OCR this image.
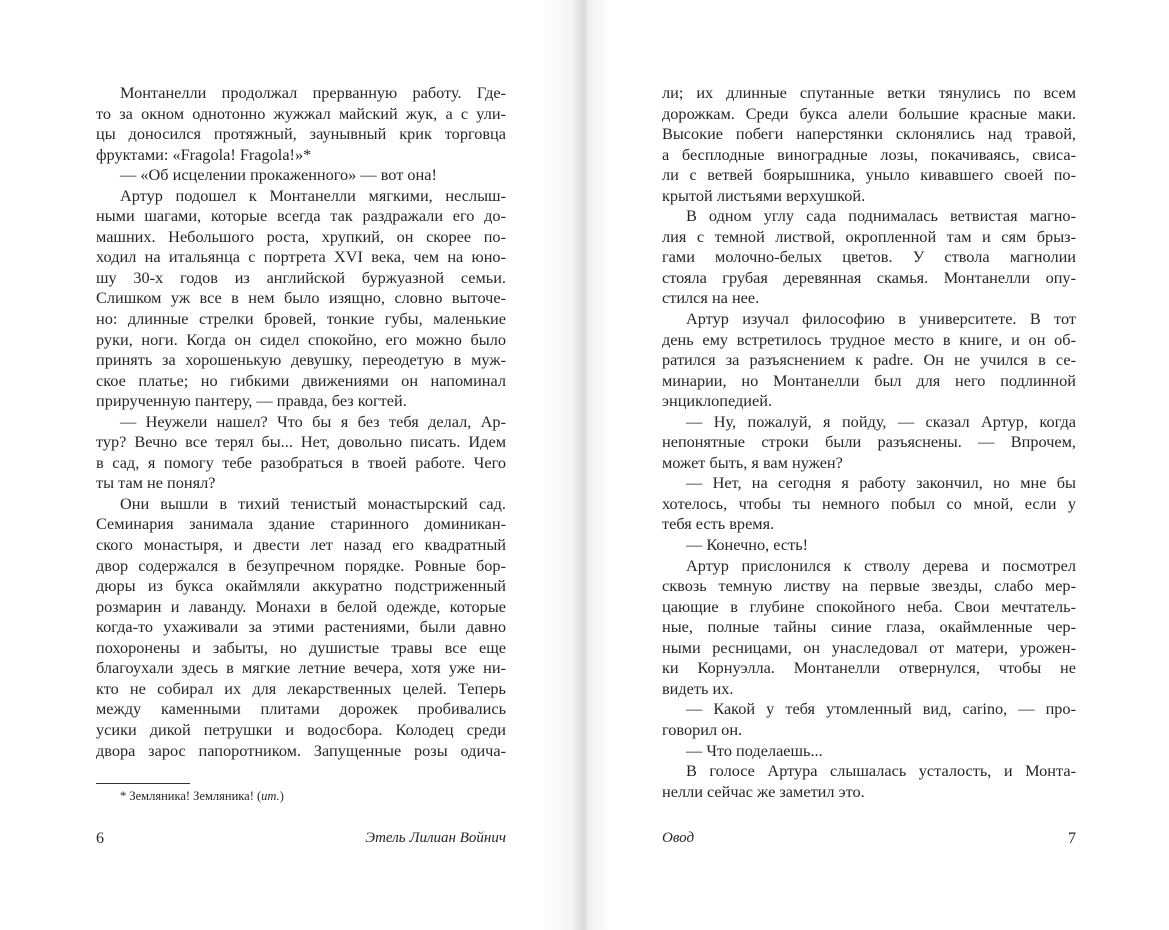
Монтанелли продолжал прерванную работу. Где-
то за окном однотонно жужжал майский жук, а с ули-
цы доносился протяжный, заунывный крик торговца
фруктами: «Fragola! Fragola!»*
— «Об исцелении прокаженного» — вот она!
Артур подошел к Монтанелли мягкими, неслыш-
ными шагами, которые всегда так раздражали его до-
машних. Небольшого роста, хрупкий, он скорее по-
ходил на итальянца с портрета XVI века, чем на юно-
шу 30-х годов из английской буржуазной семьи.
Слишком уж все в нем было изящно, словно выточе-
но: длинные стрелки бровей, тонкие губы, маленькие
руки, ноги. Когда он сидел спокойно, его можно было
принять за хорошенькую девушку, переодетую в муж-
ское платье; но гибкими движениями он напоминал
прирученную пантеру, — правда, без когтей.
— Неужели нашел? Что бы я без тебя делал, Ар-
тур? Вечно все терял бы... Нет, довольно писать. Идем
в сад, я помогу тебе разобраться в твоей работе. Чего
ты там не понял?
Они вышли в тихий тенистый монастырский сад.
Семинария занимала здание старинного доминикан-
ского монастыря, и двести лет назад его квадратный
двор содержался в безупречном порядке. Ровные бор-
дюры из букса окаймляли аккуратно подстриженный
розмарин и лаванду. Монахи в белой одежде, которые
когда-то ухаживали за этими растениями, были давно
похоронены и забыты, но душистые травы все еще
благоухали здесь в мягкие летние вечера, хотя уже ни-
кто не собирал их для лекарственных целей. Теперь
между каменными плитами дорожек пробивались
усики дикой петрушки и водосбора. Колодец среди
двора зарос папоротником. Запущенные розы одича-
ли; их длинные спутанные ветки тянулись по всем
дорожкам. Среди букса алели большие красные маки.
Высокие побеги наперстянки склонялись над травой,
а бесплодные виноградные лозы, покачиваясь, свиса-
ли с ветвей боярышника, уныло кивавшего своей по-
крытой листьями верхушкой.
В одном углу сада поднималась ветвистая магно-
лия с темной листвой, окропленной там и сям брыз-
гами молочно-белых цветов. У ствола магнолии
стояла грубая деревянная скамья. Монтанелли опу-
стился на нее.
Артур изучал философию в университете. В тот
день ему встретилось трудное место в книге, и он об-
ратился за разъяснением к padre. Он не учился в се-
минарии, но Монтанелли был для него подлинной
энциклопедией.
— Ну, пожалуй, я пойду, — сказал Артур, когда
непонятные строки были разъяснены. — Впрочем,
может быть, я вам нужен?
— Нет, на сегодня я работу закончил, но мне бы
хотелось, чтобы ты немного побыл со мной, если у
тебя есть время.
— Конечно, есть!
Артур прислонился к стволу дерева и посмотрел
сквозь темную листву на первые звезды, слабо мер-
цающие в глубине спокойного неба. Свои мечтатель-
ные, полные тайны синие глаза, окаймленные чер-
ными ресницами, он унаследовал от матери, урожен-
ки Корнуэлла. Монтанелли отвернулся, чтобы не
видеть их.
— Какой у тебя утомленный вид, carino, — про-
говорил он.
— Что поделаешь...
В голосе Артура слышалась усталость, и Монта-
нелли сейчас же заметил это.
* Земляника! Земляника! (ит.)
6	Этель Лилиан Войнич	Овод	7
